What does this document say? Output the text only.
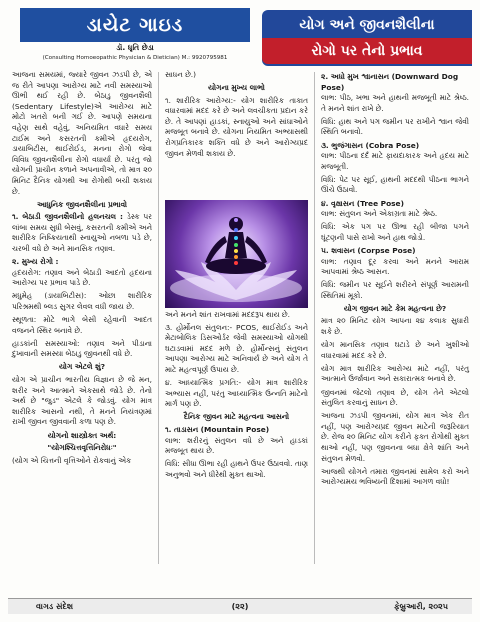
ડાયેટ ગાઇડ
ડૉ. ધૃતિ છેડા
(Consulting Homoeopathic Physician & Dietician) M.: 9920795981
યોગ અને જીવનશૈલીના
રોગો પર તેનો પ્રભાવ

આજના સમયમાં, જ્યારે જીવન ઝડપી છે, એ જ રીતે આપણા આરોગ્ય માટે નવી સમસ્યાઓ ઊભી થઈ રહી છે. બેઠાડુ જીવનશૈલી (Sedentary Lifestyle)એ આરોગ્ય માટે મોટો ખતરો બની ગઈ છે. આપણે સમયના વહેણ સાથે વહેવું, અનિયમિત વધારે સમય ટાઈમ અને કસરતની કમીએ હૃદયરોગ, ડાયાબિટીસ, થાઈરોઈડ, મનના રોગો જેવા વિવિધ જીવનશૈલીના રોગો વધાર્યા છે. પરંતુ જો યોગની પ્રાચીન કળાને અપનાવીએ, તો માત્ર ૨૦ મિનિટ દૈનિક યોગથી આ રોગોથી બચી શકાય છે.

આધુનિક જીવનશૈલીના પ્રભાવો

૧. બેઠાડી જીવનશૈલીનો હલનચલ : ડેસ્ક પર લાંબા સમય સુધી બેસવું, કસરતની કમીએ અને શારીરિક નિષ્ક્રિયતાથી સ્નાયુઓ નબળા પડે છે, ચરબી વધે છે અને માનસિક તણાવ.

૨. મુખ્ય રોગો :

હૃદયરોગ: તણાવ અને બેઠાડી આદતો હૃદયના આરોગ્ય પર પ્રભાવ પાડે છે.

મધુમેહ (ડાયાબિટીસ): ઓછા શારીરિક પરિશ્રમથી બ્લડ સુગર લેવલ વધી જાય છે.

સ્થૂળતા: મોટે ભાગે બેસી રહેવાની આદત વજનને સ્થિર બનાવે છે.

હાડકાંની સમસ્યાઓ: તણાવ અને પીડાના દુખાવાની સમસ્યા બેઠાડુ જીવનથી વધે છે.

યોગ એટલે શું?

યોગ એ પ્રાચીન ભારતીય વિજ્ઞાન છે જે મન, શરીર અને આત્માને એકસાથે જોડે છે. તેનો અર્થ છે "જુડ" એટલે કે જોડવું. યોગ માત્ર શારીરિક આસનો નથી, તે મનને નિયંત્રણમાં રાખી જીવન જીવવાની કળા પણ છે.

યોગનો શાસ્ત્રોક્ત અર્થ:
"યોગશ્ચિત્તવૃત્તિનિરોધઃ"

(યોગ એ ચિત્તની વૃત્તિઓને રોકવાનું એક

સાધન છે.)

યોગના મુખ્ય લાભો

૧. શારીરિક આરોગ્ય:- યોગ શારીરિક તાકાત વધારવામાં મદદ કરે છે અને લવચીકતા પ્રદાન કરે છે. તે આપણાં હાડકાં, સ્નાયુઓ અને સાંધાઓને મજબૂત બનાવે છે. યોગના નિયમિત અભ્યાસથી રોગપ્રતિકારક શક્તિ વધે છે અને આરોગ્યપ્રદ જીવન મેળવી શકાય છે.

અને મનને શાંત રાખવામાં મદદરૂપ થાય છે.

૩. હોર્મોનલ સંતુલન:- PCOS, થાઈરોઈડ અને મેટાબોલિક ડિસઓર્ડર જેવી સમસ્યાઓ યોગથી ઘટાડવામાં મદદ મળે છે. હોર્મોન્સનું સંતુલન આપણા આરોગ્ય માટે અનિવાર્ય છે અને યોગ તે માટે મહત્વપૂર્ણ ઉપાય છે.

૪. આધ્યાત્મિક પ્રગતિ:- યોગ માત્ર શારીરિક અભ્યાસ નહીં, પરંતુ આધ્યાત્મિક ઉન્નતિ માટેનો માર્ગ પણ છે.

દૈનિક જીવન માટે મહત્વના આસનો
૧. તાડાસન (Mountain Pose)

લાભ: શરીરનું સંતુલન વધે છે અને હાડકાં મજબૂત થાય છે.

વિધિ: સીધા ઊભા રહી હાથને ઉપર ઉઠાવવો. તાણ અનુભવો અને ધીરેથી મુક્ત થાઓ.

૨. અધો મુખ શ્વાનાસન (Downward Dog Pose)

લાભ: પીઠ, ખભા અને હાથની મજબૂતી માટે શ્રેષ્ઠ. તે મનને શાંત રાખે છે.

વિધિ: હાથ અને પગ જમીન પર રાખીને શ્વાન જેવી સ્થિતિ બનાવો.

૩. ભુજંગાસન (Cobra Pose)

લાભ: પીઠના દર્દ માટે ફાયદાકારક અને હૃદય માટે મજબૂતી.

વિધિ: પેટ પર સૂઈ, હાથની મદદથી પીઠના ભાગને ઊંચે ઉઠાવો.

૪. વૃક્ષાસન (Tree Pose)

લાભ: સંતુલન અને એકાગ્રતા માટે શ્રેષ્ઠ.

વિધિ: એક પગ પર ઊભા રહી બીજા પગને ઘૂંટણની પાસે રાખો અને હાથ જોડો.

૫. શવાસન (Corpse Pose)

લાભ: તણાવ દૂર કરવા અને મનને આરામ આપવામાં શ્રેષ્ઠ આસન.

વિધિ: જમીન પર સૂઈને શરીરને સંપૂર્ણ આરામની સ્થિતિમાં મૂકો.

યોગ જીવન માટે કેમ મહત્વના છે?

માત્ર ૨૦ મિનિટ યોગ આપના ૨૪ કલાક સુધારી શકે છે.

યોગ માનસિક તણાવ ઘટાડે છે અને ખુશીઓ વધારવામાં મદદ કરે છે.

યોગ માત્ર શારીરિક આરોગ્ય માટે નહીં, પરંતુ આત્માને ઉર્જાવાન અને સકારાત્મક બનાવે છે.

જીવનમાં જેટલો તણાવ છે, યોગ તેને એટલો સંતુલિત કરવાનું સાધન છે.

આજના ઝડપી જીવનમાં, યોગ માત્ર એક રીત નહીં, પણ આરોગ્યપ્રદ જીવન માટેની જરૂરિયાત છે. રોજ ૨૦ મિનિટ યોગ કરીને ફક્ત રોગોથી મુક્ત થાઓ નહીં, પણ જીવનના બધા ક્ષેત્રે શાંતિ અને સંતુલન મેળવો.

આજથી યોગને તમારા જીવનમાં સામેલ કરો અને આરોગ્યમય ભવિષ્યની દિશામાં આગળ વધો!

વાગડ સંદેશ	(૨૨)	ફેબ્રુઆરી, ૨૦૨૫
